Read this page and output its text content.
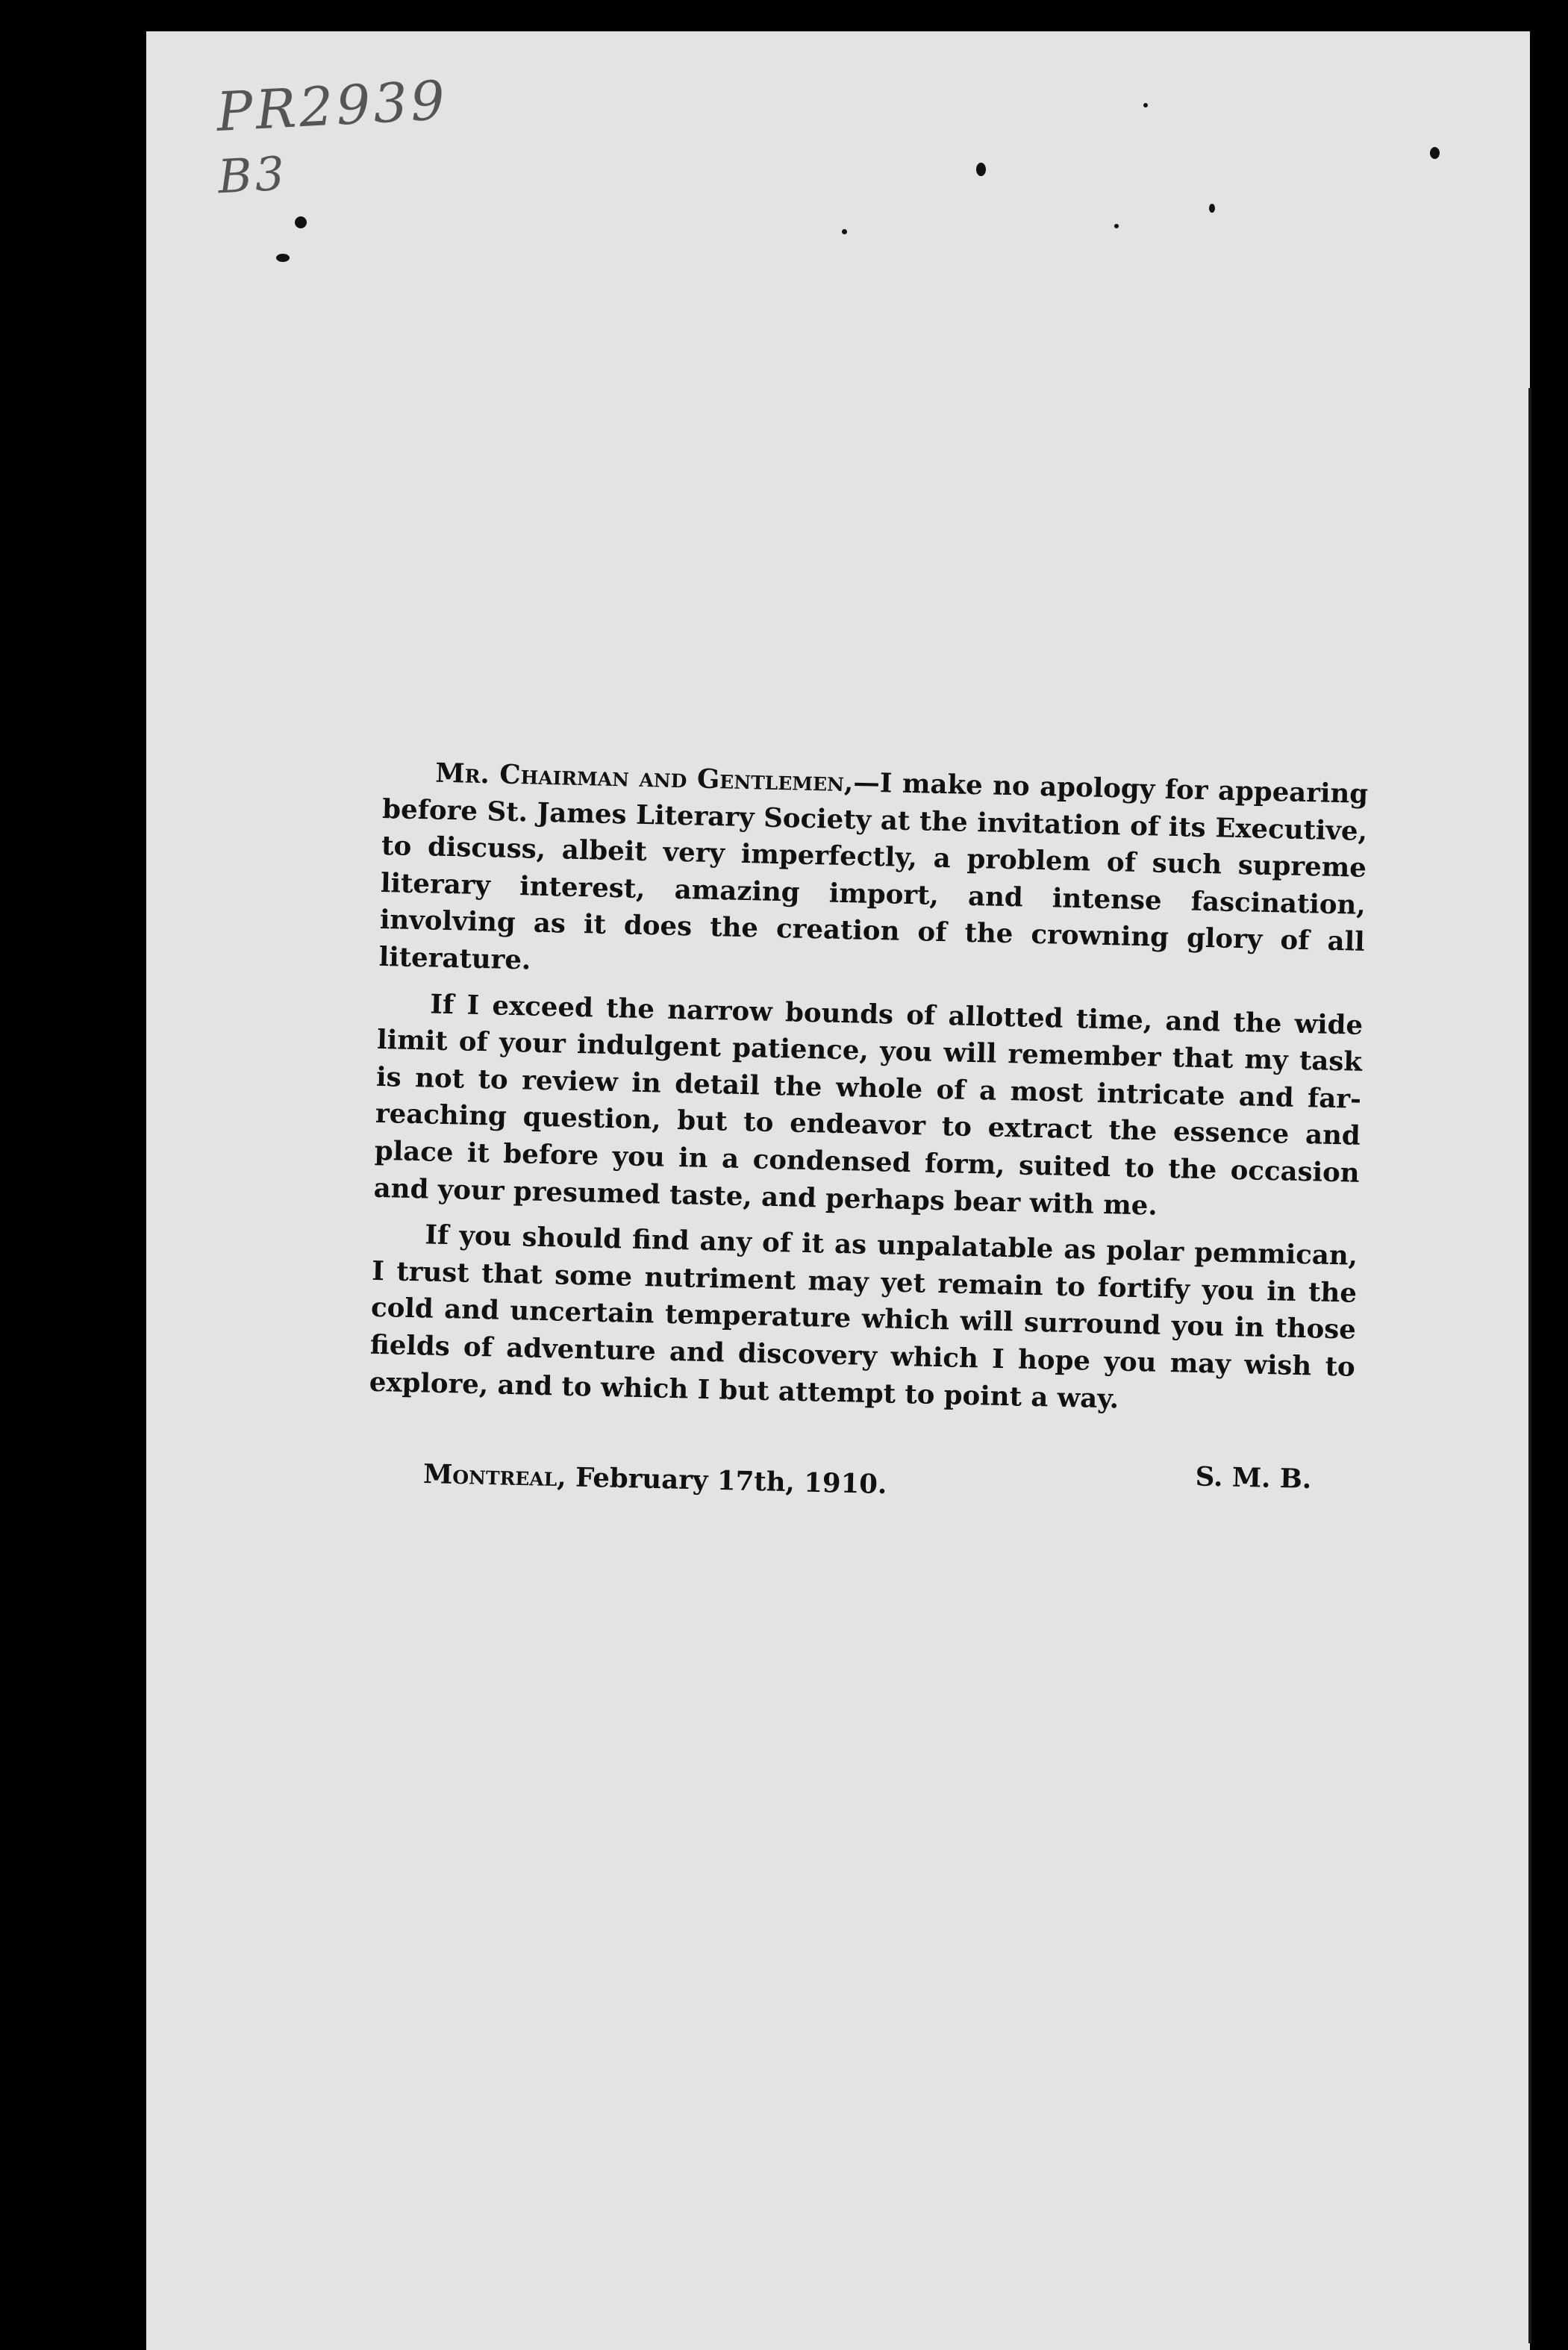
PR2939
B3

Mr. Chairman and Gentlemen,—I make no apology for appearing before St. James Literary Society at the invitation of its Executive, to discuss, albeit very imperfectly, a problem of such supreme literary interest, amazing import, and intense fascination, involving as it does the creation of the crowning glory of all literature.

If I exceed the narrow bounds of allotted time, and the wide limit of your indulgent patience, you will remember that my task is not to review in detail the whole of a most intricate and far-reaching question, but to endeavor to extract the essence and place it before you in a condensed form, suited to the occasion and your presumed taste, and perhaps bear with me.

If you should find any of it as unpalatable as polar pemmican, I trust that some nutriment may yet remain to fortify you in the cold and uncertain temperature which will surround you in those fields of adventure and discovery which I hope you may wish to explore, and to which I but attempt to point a way.

Montreal, February 17th, 1910.	S. M. B.
